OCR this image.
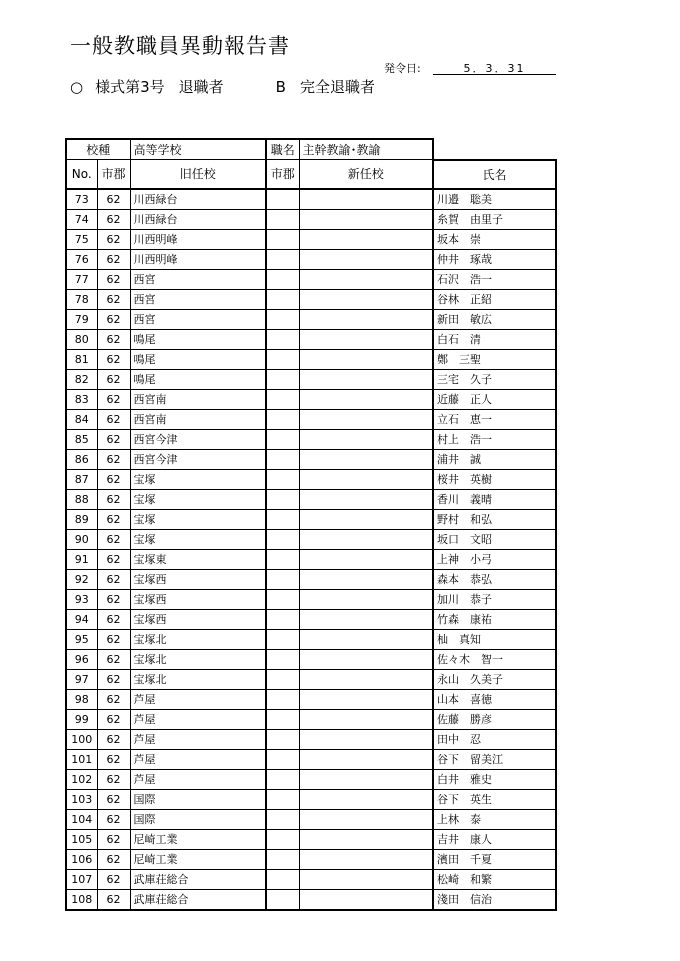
一般教職員異動報告書
発令日:	5．3．31
○ 様式第3号 退職者	B 完全退職者
校種		高等学校	職名	主幹教諭･教諭	
No.	市郡	旧任校	市郡	新任校	氏名
73	62	川西緑台			川邉　聡美
74	62	川西緑台			糸賀　由里子
75	62	川西明峰			坂本　崇
76	62	川西明峰			仲井　琢哉
77	62	西宮			石沢　浩一
78	62	西宮			谷林　正紹
79	62	西宮			新田　敏広
80	62	鳴尾			白石　清
81	62	鳴尾			鄭　三聖
82	62	鳴尾			三宅　久子
83	62	西宮南			近藤　正人
84	62	西宮南			立石　恵一
85	62	西宮今津			村上　浩一
86	62	西宮今津			浦井　誠
87	62	宝塚			桜井　英樹
88	62	宝塚			香川　義晴
89	62	宝塚			野村　和弘
90	62	宝塚			坂口　文昭
91	62	宝塚東			上神　小弓
92	62	宝塚西			森本　恭弘
93	62	宝塚西			加川　恭子
94	62	宝塚西			竹森　康祐
95	62	宝塚北			杣　真知
96	62	宝塚北			佐々木　智一
97	62	宝塚北			永山　久美子
98	62	芦屋			山本　喜徳
99	62	芦屋			佐藤　勝彦
100	62	芦屋			田中　忍
101	62	芦屋			谷下　留美江
102	62	芦屋			白井　雅史
103	62	国際			谷下　英生
104	62	国際			上林　泰
105	62	尼崎工業			吉井　康人
106	62	尼崎工業			濱田　千夏
107	62	武庫荘総合			松崎　和繁
108	62	武庫荘総合			淺田　信治
